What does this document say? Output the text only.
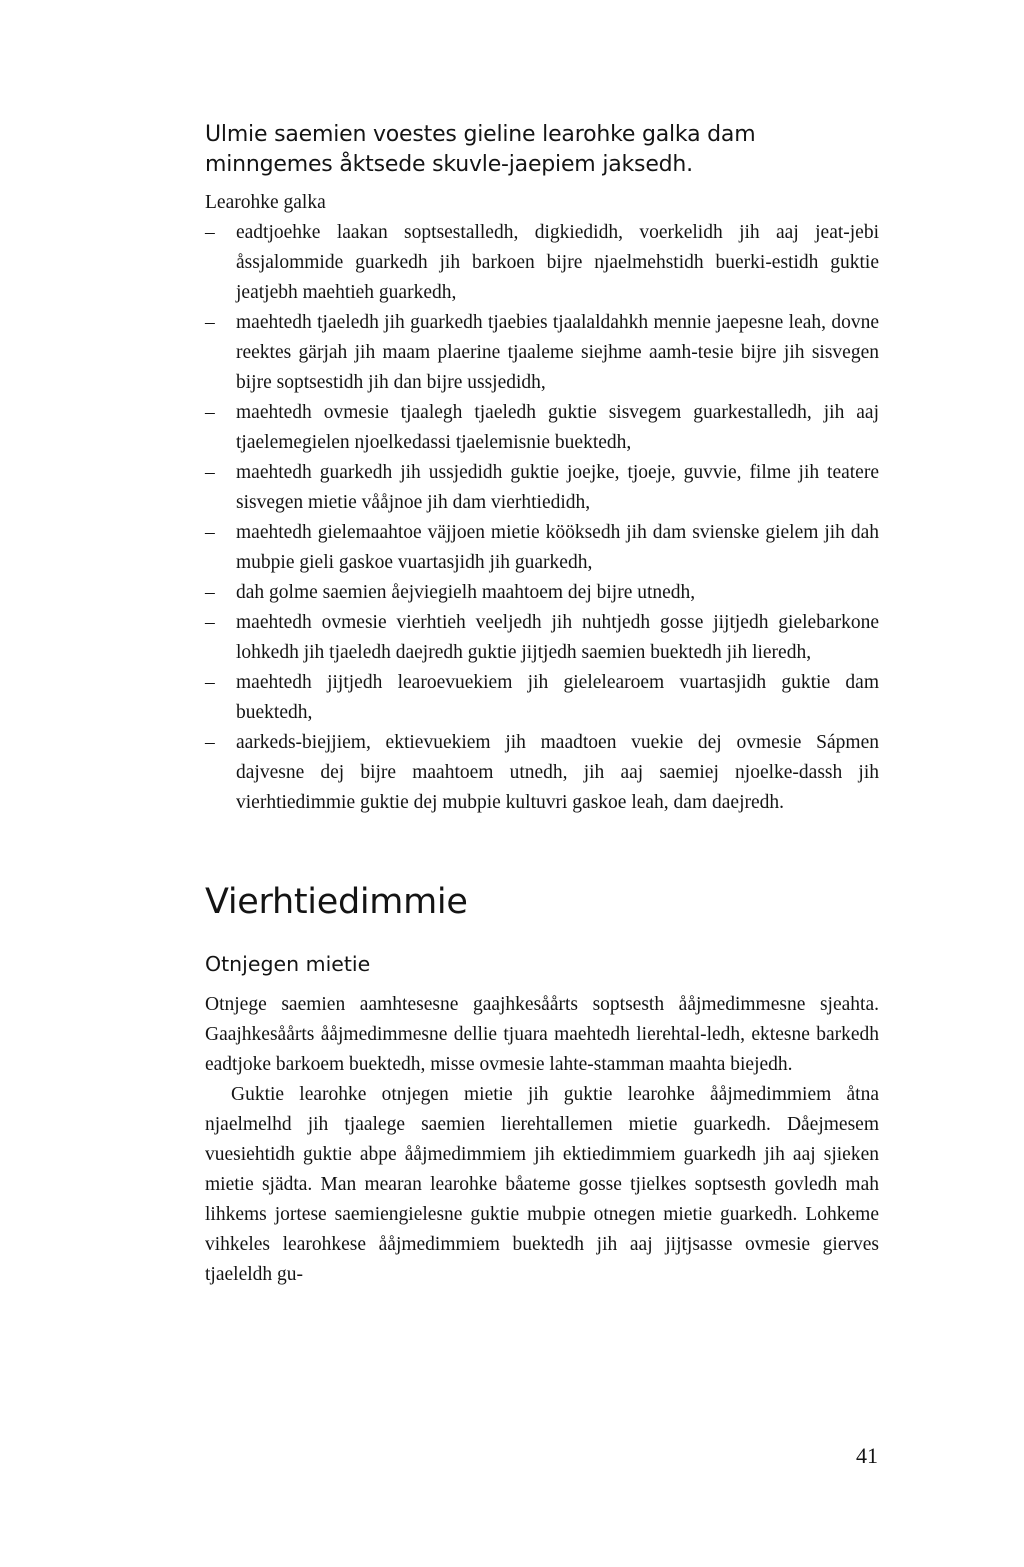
Ulmie saemien voestes gieline learohke galka dam minngemes åktsede skuvle-jaepiem jaksedh.

Learohke galka

– eadtjoehke laakan soptsestalledh, digkiedidh, voerkelidh jih aaj jeat-jebi åssjalommide guarkedh jih barkoen bijre njaelmehstidh buerki-estidh guktie jeatjebh maehtieh guarkedh,
– maehtedh tjaeledh jih guarkedh tjaebies tjaalaldahkh mennie jaepesne leah, dovne reektes gärjah jih maam plaerine tjaaleme siejhme aamh-tesie bijre jih sisvegen bijre soptsestidh jih dan bijre ussjedidh,
– maehtedh ovmesie tjaalegh tjaeledh guktie sisvegem guarkestalledh, jih aaj tjaelemegielen njoelkedassi tjaelemisnie buektedh,
– maehtedh guarkedh jih ussjedidh guktie joejke, tjoeje, guvvie, filme jih teatere sisvegen mietie vååjnoe jih dam vierhtiedidh,
– maehtedh gielemaahtoe väjjoen mietie kööksedh jih dam svienske gielem jih dah mubpie gieli gaskoe vuartasjidh jih guarkedh,
– dah golme saemien åejviegielh maahtoem dej bijre utnedh,
– maehtedh ovmesie vierhtieh veeljedh jih nuhtjedh gosse jijtjedh gielebarkone lohkedh jih tjaeledh daejredh guktie jijtjedh saemien buektedh jih lieredh,
– maehtedh jijtjedh learoevuekiem jih gielelearoem vuartasjidh guktie dam buektedh,
– aarkeds-biejjiem, ektievuekiem jih maadtoen vuekie dej ovmesie Sápmen dajvesne dej bijre maahtoem utnedh, jih aaj saemiej njoelke-dassh jih vierhtiedimmie guktie dej mubpie kultuvri gaskoe leah, dam daejredh.
Vierhtiedimmie
Otnjegen mietie

Otnjege saemien aamhtesesne gaajhkesåårts soptsesth ååjmedimmesne sjeahta. Gaajhkesåårts ååjmedimmesne dellie tjuara maehtedh lierehtal-ledh, ektesne barkedh eadtjoke barkoem buektedh, misse ovmesie lahte-stamman maahta biejedh.

Guktie learohke otnjegen mietie jih guktie learohke ååjmedimmiem åtna njaelmelhd jih tjaalege saemien lierehtallemen mietie guarkedh. Dåejmesem vuesiehtidh guktie abpe ååjmedimmiem jih ektiedimmiem guarkedh jih aaj sjieken mietie sjädta. Man mearan learohke båateme gosse tjielkes soptsesth govledh mah lihkems jortese saemiengielesne guktie mubpie otnegen mietie guarkedh. Lohkeme vihkeles learohkese ååjmedimmiem buektedh jih aaj jijtjsasse ovmesie gierves tjaeleldh gu-

41
